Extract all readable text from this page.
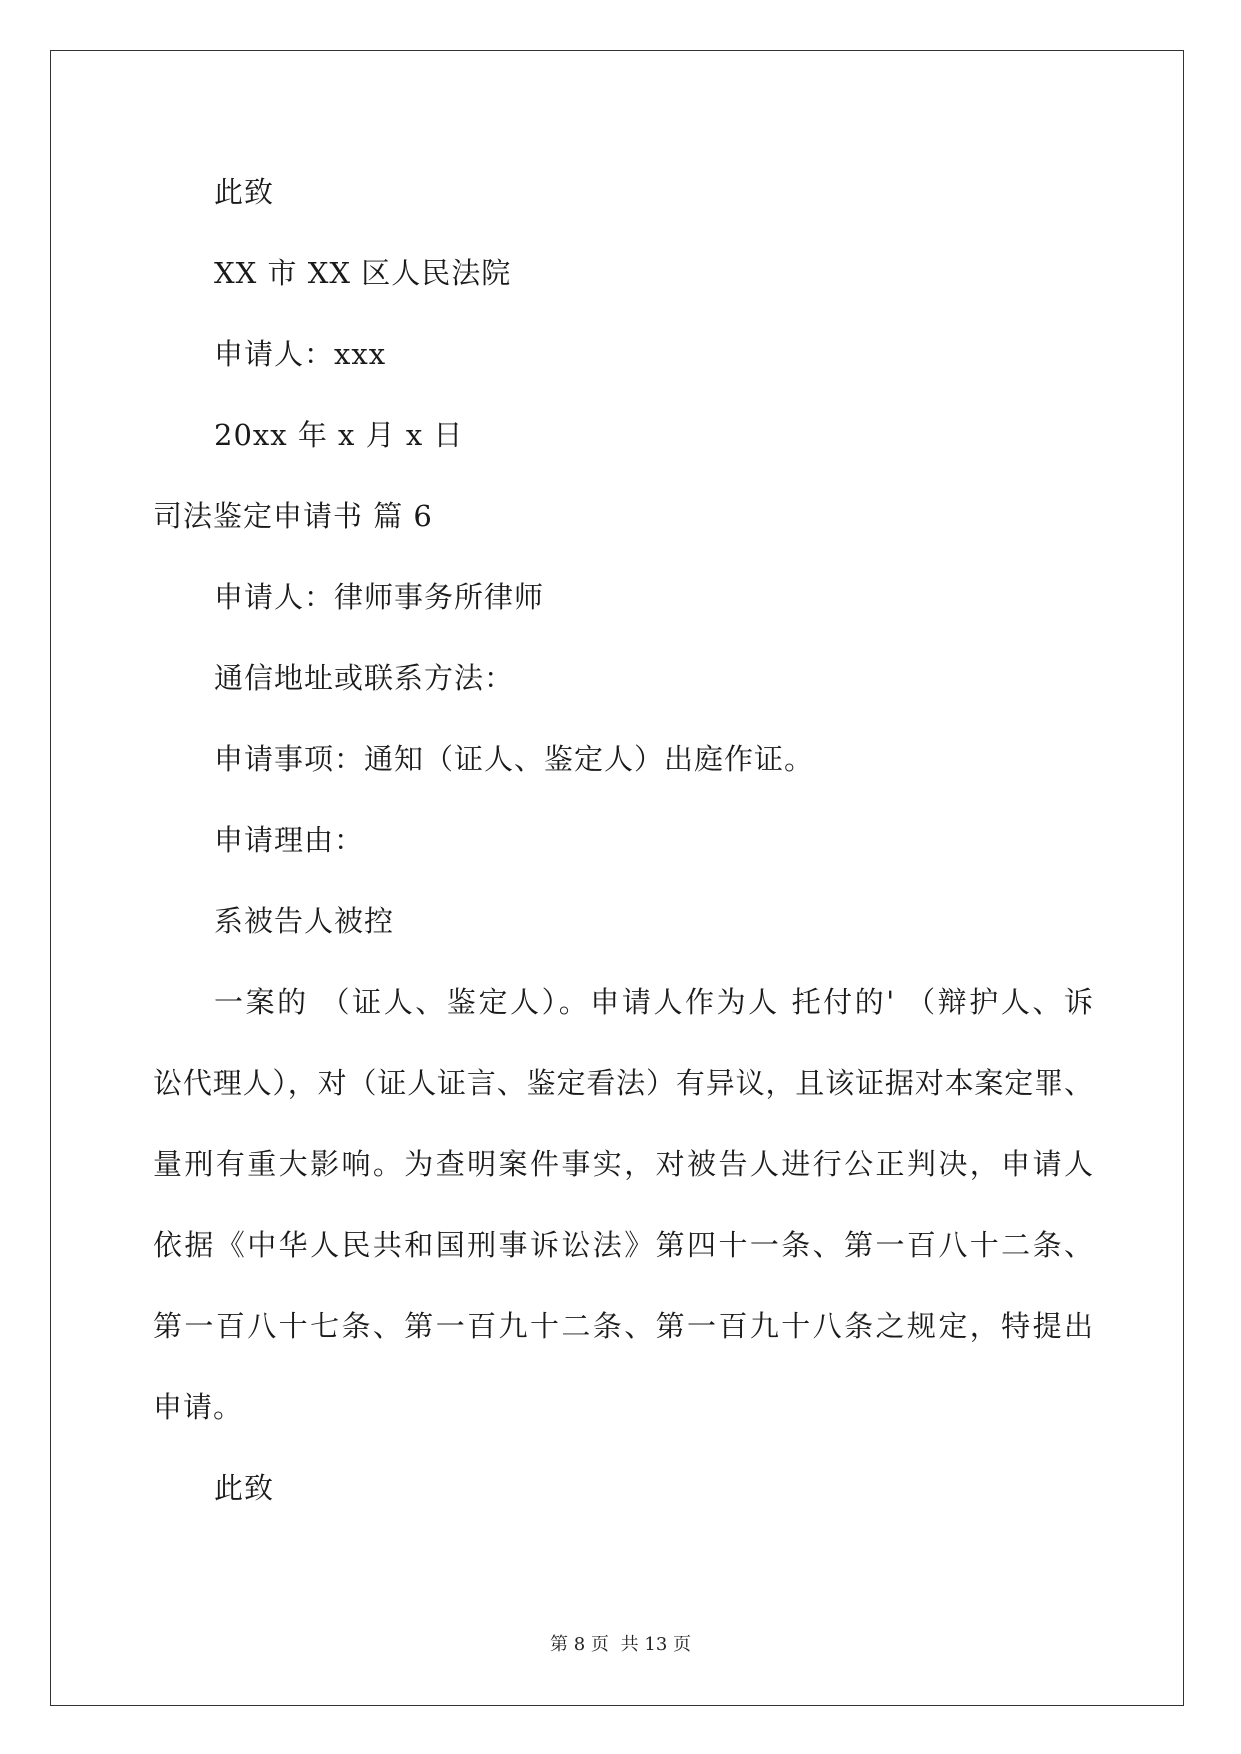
此致
XX 市 XX 区人民法院
申请人：xxx
20xx 年 x 月 x 日
司法鉴定申请书 篇 6
申请人：律师事务所律师
通信地址或联系方法：
申请事项：通知（证人、鉴定人）出庭作证。
申请理由：
系被告人被控
一案的 （证人、鉴定人）。申请人作为人 托付的' （辩护人、诉
讼代理人），对（证人证言、鉴定看法）有异议，且该证据对本案定罪、
量刑有重大影响。为查明案件事实，对被告人进行公正判决，申请人
依据《中华人民共和国刑事诉讼法》第四十一条、第一百八十二条、
第一百八十七条、第一百九十二条、第一百九十八条之规定，特提出
申请。
此致
第 8 页 共 13 页
